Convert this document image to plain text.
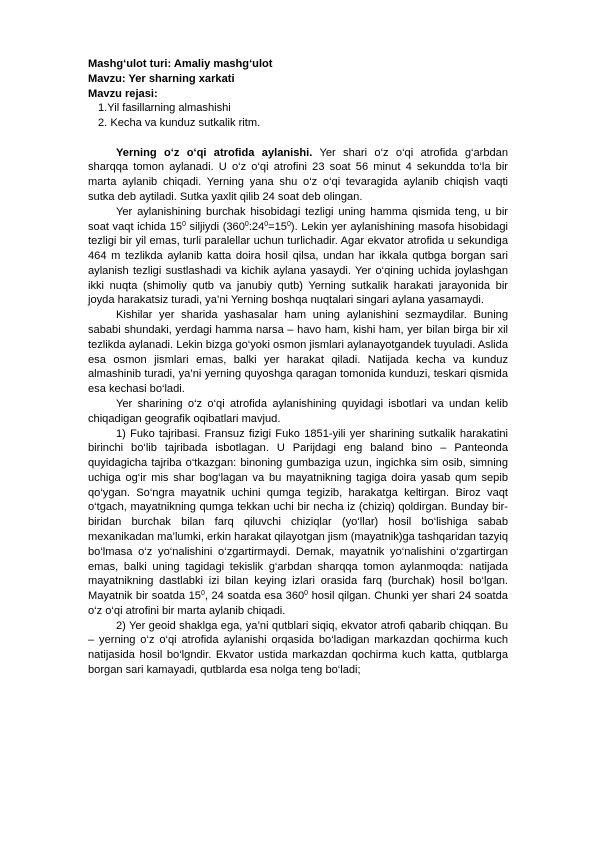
Mashg‘ulot turi: Amaliy mashg‘ulot

Mavzu: Yer sharning xarkati

Mavzu rejasi:

1.Yil fasillarning almashishi

2. Kecha va kunduz sutkalik ritm.

Yerning o‘z o‘qi atrofida aylanishi. Yer shari o‘z o‘qi atrofida g‘arbdan sharqqa tomon aylanadi. U o‘z o‘qi atrofini 23 soat 56 minut 4 sekundda to‘la bir marta aylanib chiqadi. Yerning yana shu o‘z o‘qi tevaragida aylanib chiqish vaqti sutka deb aytiladi. Sutka yaxlit qilib 24 soat deb olingan.

Yer aylanishining burchak hisobidagi tezligi uning hamma qismida teng, u bir soat vaqt ichida $15^0$ siljiydi $(360^0:24^0=15^0)$. Lekin yer aylanishining masofa hisobidagi tezligi bir yil emas, turli paralellar uchun turlichadir. Agar ekvator atrofida u sekundiga 464 m tezlikda aylanib katta doira hosil qilsa, undan har ikkala qutbga borgan sari aylanish tezligi sustlashadi va kichik aylana yasaydi. Yer o‘qining uchida joylashgan ikki nuqta (shimoliy qutb va janubiy qutb) Yerning sutkalik harakati jarayonida bir joyda harakatsiz turadi, ya’ni Yerning boshqa nuqtalari singari aylana yasamaydi.

Kishilar yer sharida yashasalar ham uning aylanishini sezmaydilar. Buning sababi shundaki, yerdagi hamma narsa – havo ham, kishi ham, yer bilan birga bir xil tezlikda aylanadi. Lekin bizga go‘yoki osmon jismlari aylanayotgandek tuyuladi. Aslida esa osmon jismlari emas, balki yer harakat qiladi. Natijada kecha va kunduz almashinib turadi, ya’ni yerning quyoshga qaragan tomonida kunduzi, teskari qismida esa kechasi bo‘ladi.

Yer sharining o‘z o‘qi atrofida aylanishining quyidagi isbotlari va undan kelib chiqadigan geografik oqibatlari mavjud.

1) Fuko tajribasi. Fransuz fizigi Fuko 1851-yili yer sharining sutkalik harakatini birinchi bo‘lib tajribada isbotlagan. U Parijdagi eng baland bino – Panteonda quyidagicha tajriba o‘tkazgan: binoning gumbaziga uzun, ingichka sim osib, simning uchiga og‘ir mis shar bog‘lagan va bu mayatnikning tagiga doira yasab qum sepib qo‘ygan. So‘ngra mayatnik uchini qumga tegizib, harakatga keltirgan. Biroz vaqt o‘tgach, mayatnikning qumga tekkan uchi bir necha iz (chiziq) qoldirgan. Bunday bir-biridan burchak bilan farq qiluvchi chiziqlar (yo‘llar) hosil bo‘lishiga sabab mexanikadan ma’lumki, erkin harakat qilayotgan jism (mayatnik)ga tashqaridan tazyiq bo‘lmasa o‘z yo‘nalishini o‘zgartirmaydi. Demak, mayatnik yo‘nalishini o‘zgartirgan emas, balki uning tagidagi tekislik g‘arbdan sharqqa tomon aylanmoqda: natijada mayatnikning dastlabki izi bilan keying izlari orasida farq (burchak) hosil bo‘lgan. Mayatnik bir soatda $15^0$, 24 soatda esa $360^0$ hosil qilgan. Chunki yer shari 24 soatda o‘z o‘qi atrofini bir marta aylanib chiqadi.

2) Yer geoid shaklga ega, ya’ni qutblari siqiq, ekvator atrofi qabarib chiqqan. Bu – yerning o‘z o‘qi atrofida aylanishi orqasida bo‘ladigan markazdan qochirma kuch natijasida hosil bo‘lgndir. Ekvator ustida markazdan qochirma kuch katta, qutblarga borgan sari kamayadi, qutblarda esa nolga teng bo‘ladi;
